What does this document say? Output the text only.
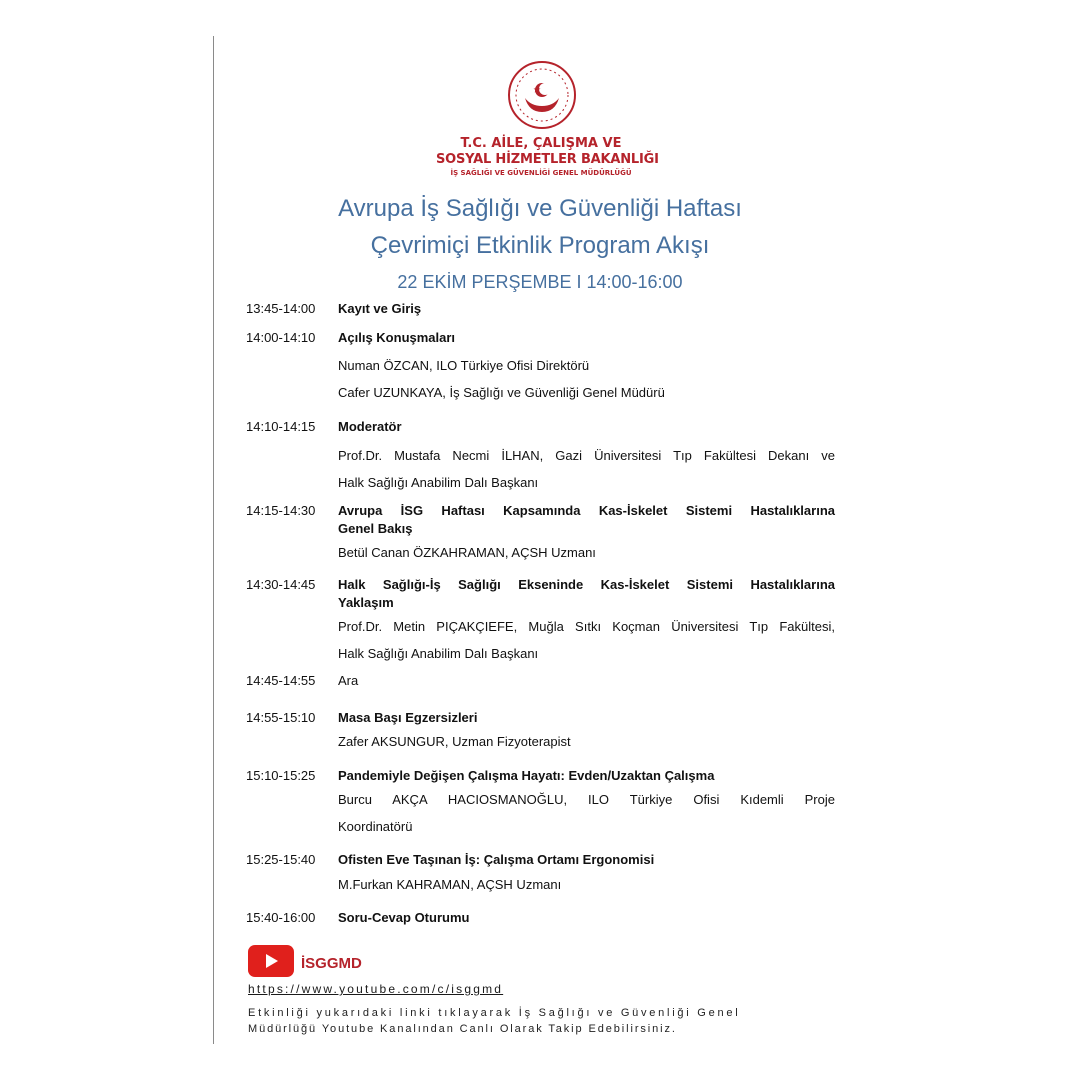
T.C. AİLE, ÇALIŞMA VE
SOSYAL HİZMETLER BAKANLIĞI
İŞ SAĞLIĞI VE GÜVENLİĞİ GENEL MÜDÜRLÜĞÜ
Avrupa İş Sağlığı ve Güvenliği Haftası
Çevrimiçi Etkinlik Program Akışı
22 EKİM PERŞEMBE I 14:00-16:00
13:45-14:00 Kayıt ve Giriş
14:00-14:10 Açılış Konuşmaları
Numan ÖZCAN, ILO Türkiye Ofisi Direktörü
Cafer UZUNKAYA, İş Sağlığı ve Güvenliği Genel Müdürü
14:10-14:15 Moderatör
Prof.Dr. Mustafa Necmi İLHAN, Gazi Üniversitesi Tıp Fakültesi Dekanı ve
Halk Sağlığı Anabilim Dalı Başkanı
14:15-14:30 Avrupa İSG Haftası Kapsamında Kas-İskelet Sistemi Hastalıklarına
Genel Bakış
Betül Canan ÖZKAHRAMAN, AÇSH Uzmanı
14:30-14:45 Halk Sağlığı-İş Sağlığı Ekseninde Kas-İskelet Sistemi Hastalıklarına
Yaklaşım
Prof.Dr. Metin PIÇAKÇIEFE, Muğla Sıtkı Koçman Üniversitesi Tıp Fakültesi,
Halk Sağlığı Anabilim Dalı Başkanı
14:45-14:55 Ara
14:55-15:10 Masa Başı Egzersizleri
Zafer AKSUNGUR, Uzman Fizyoterapist
15:10-15:25 Pandemiyle Değişen Çalışma Hayatı: Evden/Uzaktan Çalışma
Burcu AKÇA HACIOSMANOĞLU, ILO Türkiye Ofisi Kıdemli Proje
Koordinatörü
15:25-15:40 Ofisten Eve Taşınan İş: Çalışma Ortamı Ergonomisi
M.Furkan KAHRAMAN, AÇSH Uzmanı
15:40-16:00 Soru-Cevap Oturumu
İSGGMD
https://www.youtube.com/c/isggmd
Etkinliği yukarıdaki linki tıklayarak İş Sağlığı ve Güvenliği Genel
Müdürlüğü Youtube Kanalından Canlı Olarak Takip Edebilirsiniz.
